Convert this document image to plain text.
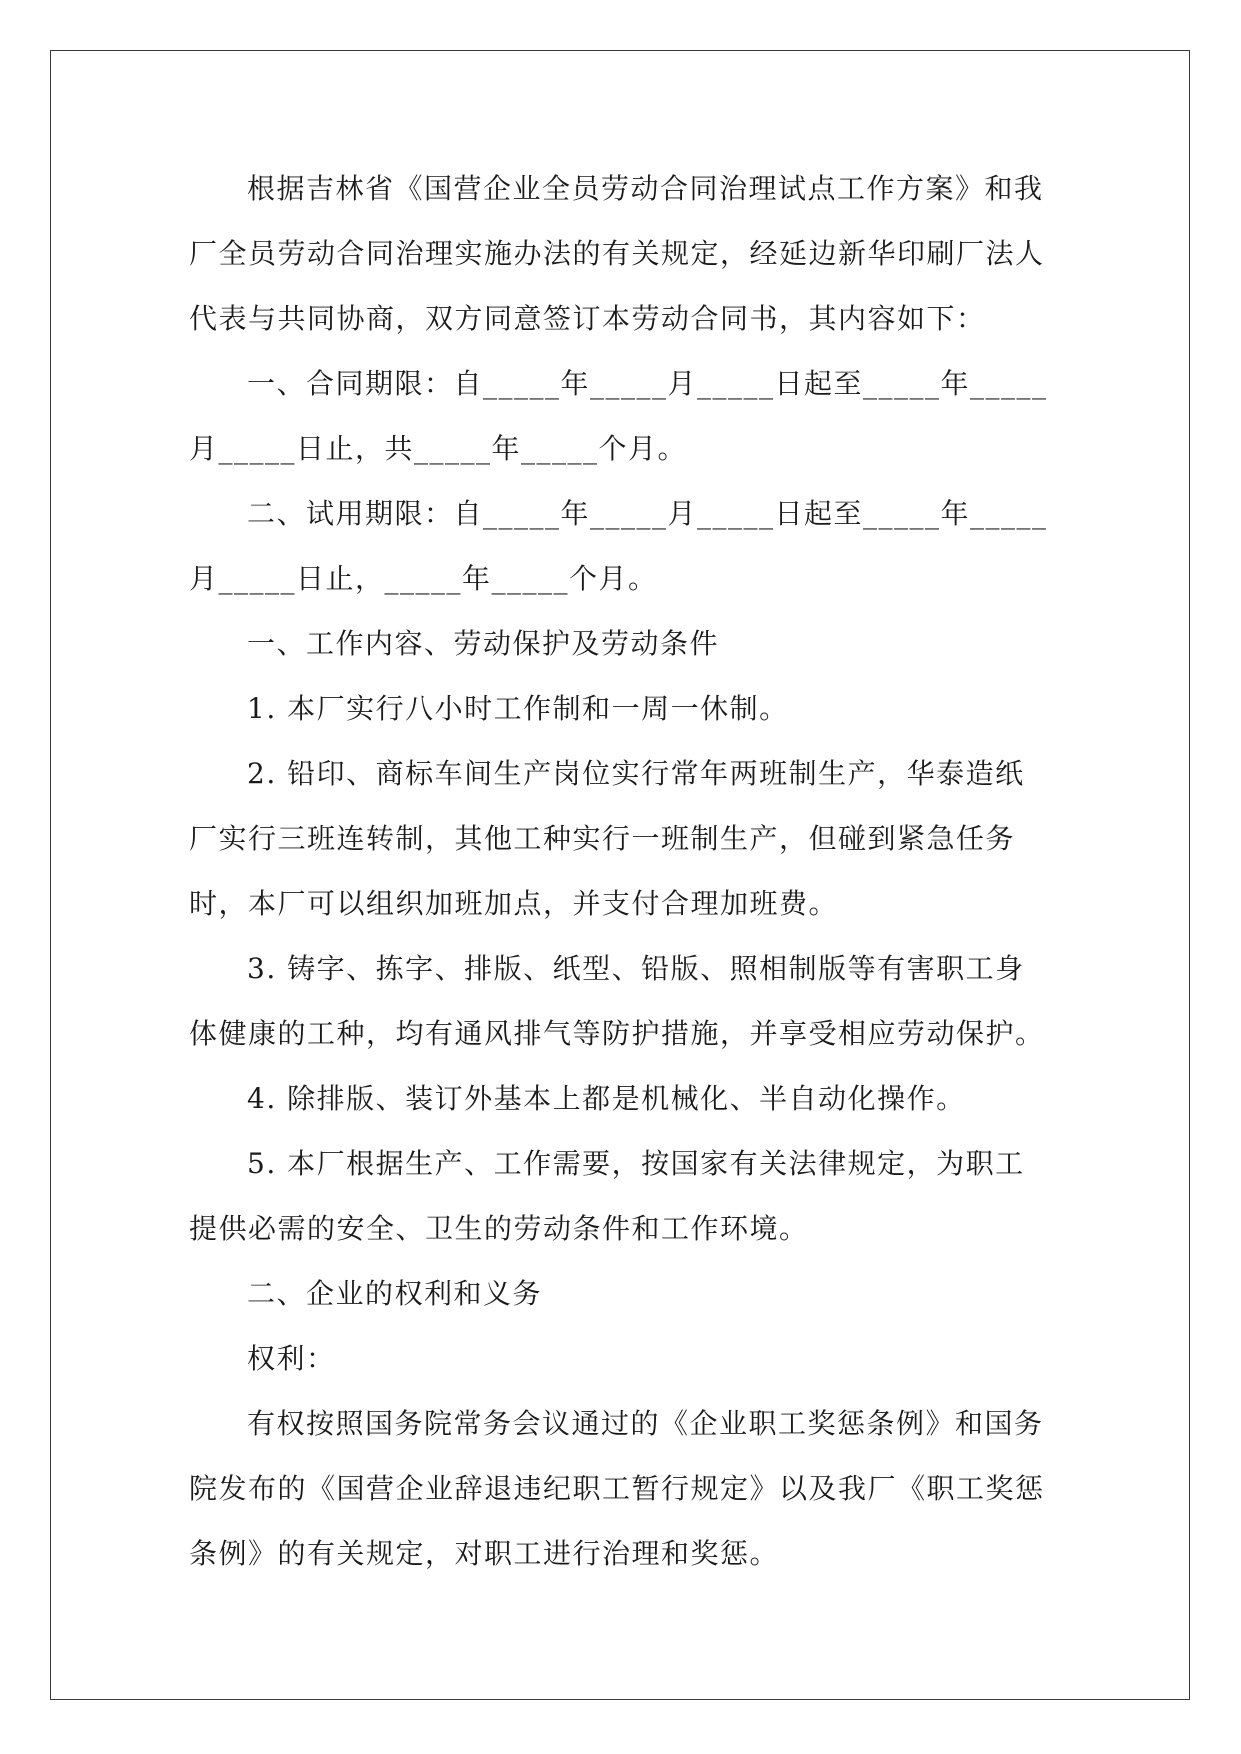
根据吉林省《国营企业全员劳动合同治理试点工作方案》和我厂全员劳动合同治理实施办法的有关规定，经延边新华印刷厂法人代表与共同协商，双方同意签订本劳动合同书，其内容如下：

一、合同期限：自_____年_____月_____日起至_____年_____月_____日止，共_____年_____个月。

二、试用期限：自_____年_____月_____日起至_____年_____月_____日止，_____年_____个月。

一、工作内容、劳动保护及劳动条件

1. 本厂实行八小时工作制和一周一休制。

2. 铅印、商标车间生产岗位实行常年两班制生产，华泰造纸厂实行三班连转制，其他工种实行一班制生产，但碰到紧急任务时，本厂可以组织加班加点，并支付合理加班费。

3. 铸字、拣字、排版、纸型、铅版、照相制版等有害职工身体健康的工种，均有通风排气等防护措施，并享受相应劳动保护。

4. 除排版、装订外基本上都是机械化、半自动化操作。

5. 本厂根据生产、工作需要，按国家有关法律规定，为职工提供必需的安全、卫生的劳动条件和工作环境。

二、企业的权利和义务

权利：

有权按照国务院常务会议通过的《企业职工奖惩条例》和国务院发布的《国营企业辞退违纪职工暂行规定》以及我厂《职工奖惩条例》的有关规定，对职工进行治理和奖惩。
